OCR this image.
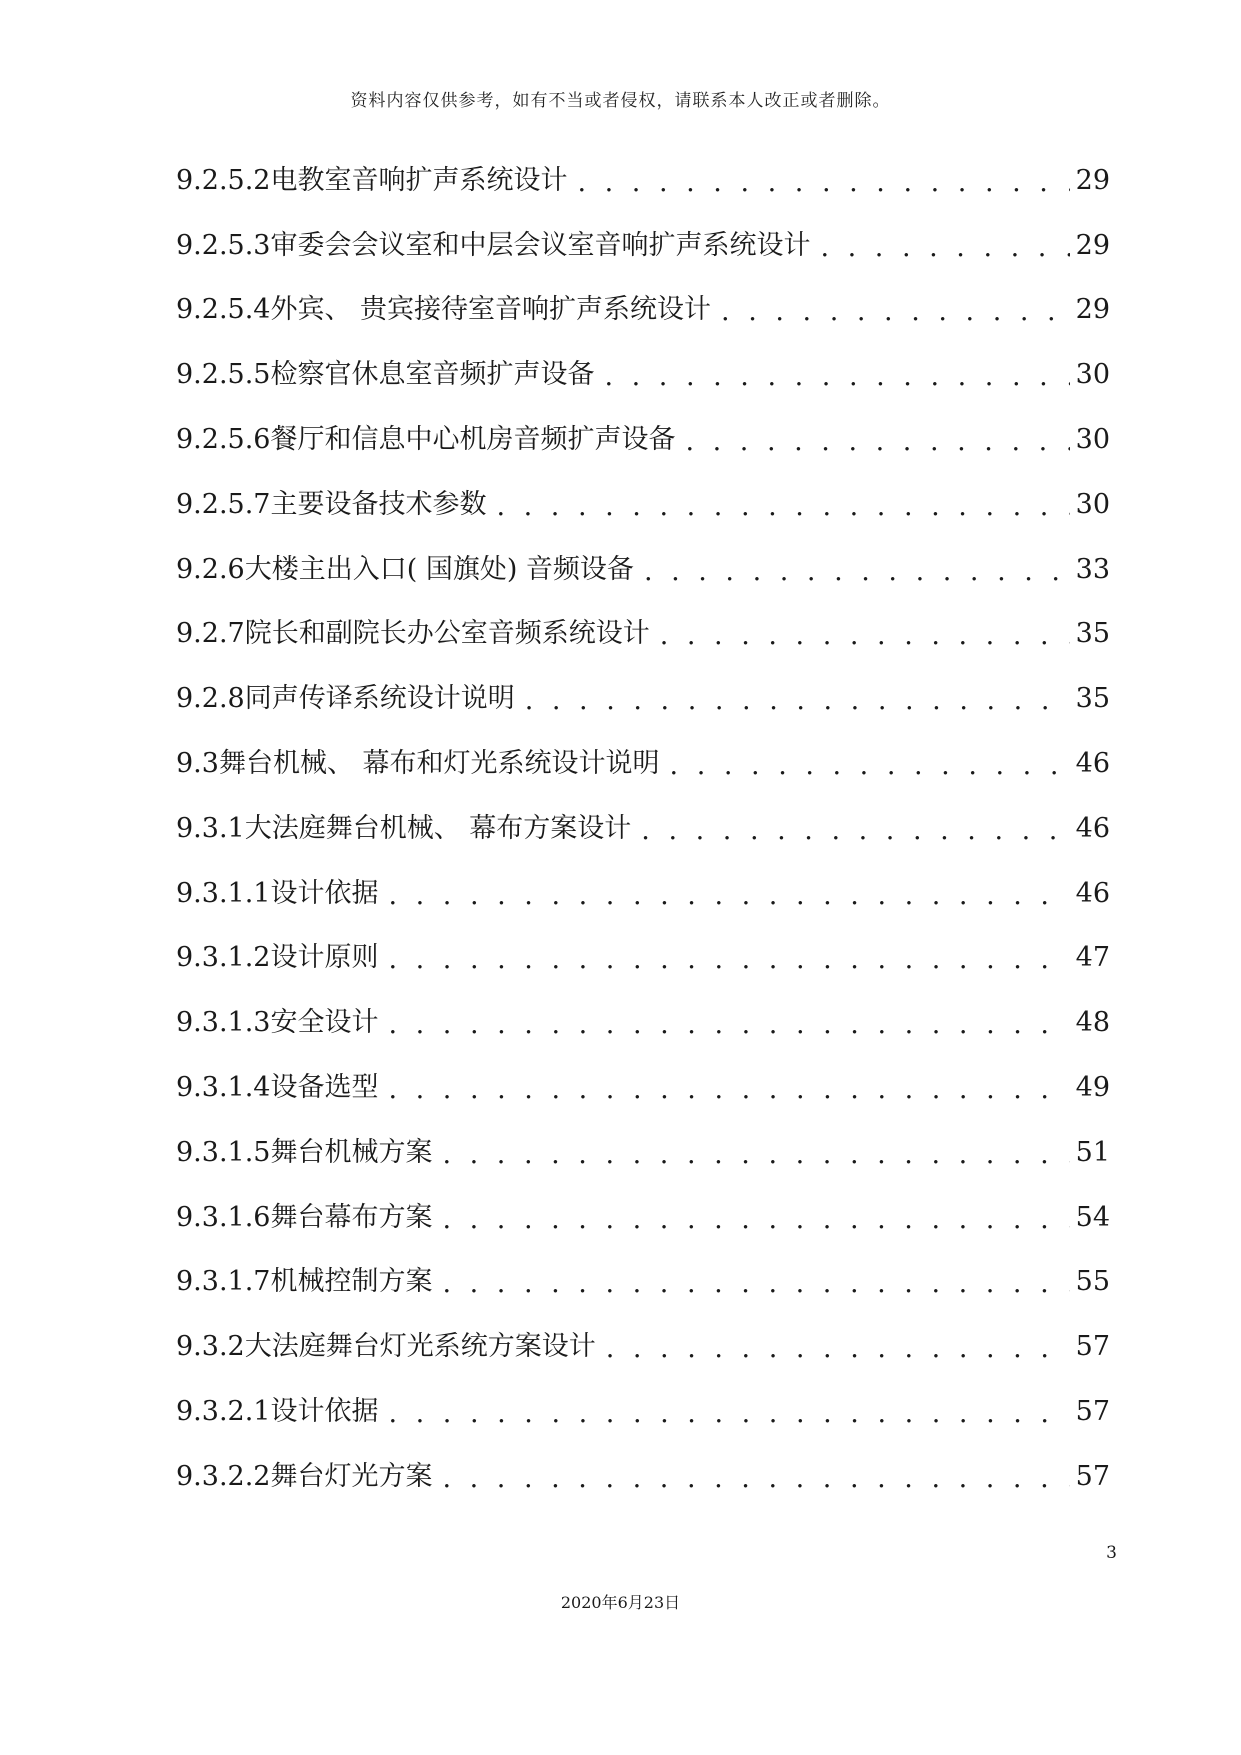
资料内容仅供参考，如有不当或者侵权，请联系本人改正或者删除。
9.2.5.2电教室音响扩声系统设计 . . .	29
9.2.5.3审委会会议室和中层会议室音响扩声系统设计 . . .	29
9.2.5.4外宾、 贵宾接待室音响扩声系统设计 . . .	29
9.2.5.5检察官休息室音频扩声设备 . . .	30
9.2.5.6餐厅和信息中心机房音频扩声设备 . . .	30
9.2.5.7主要设备技术参数 . . .	30
9.2.6大楼主出入口( 国旗处) 音频设备 . . .	33
9.2.7院长和副院长办公室音频系统设计 . . .	35
9.2.8同声传译系统设计说明 . . .	35
9.3舞台机械、 幕布和灯光系统设计说明 . . .	46
9.3.1大法庭舞台机械、 幕布方案设计 . . .	46
9.3.1.1设计依据 . . .	46
9.3.1.2设计原则 . . .	47
9.3.1.3安全设计 . . .	48
9.3.1.4设备选型 . . .	49
9.3.1.5舞台机械方案 . . .	51
9.3.1.6舞台幕布方案 . . .	54
9.3.1.7机械控制方案 . . .	55
9.3.2大法庭舞台灯光系统方案设计 . . .	57
9.3.2.1设计依据 . . .	57
9.3.2.2舞台灯光方案 . . .	57
3
2020年6月23日
